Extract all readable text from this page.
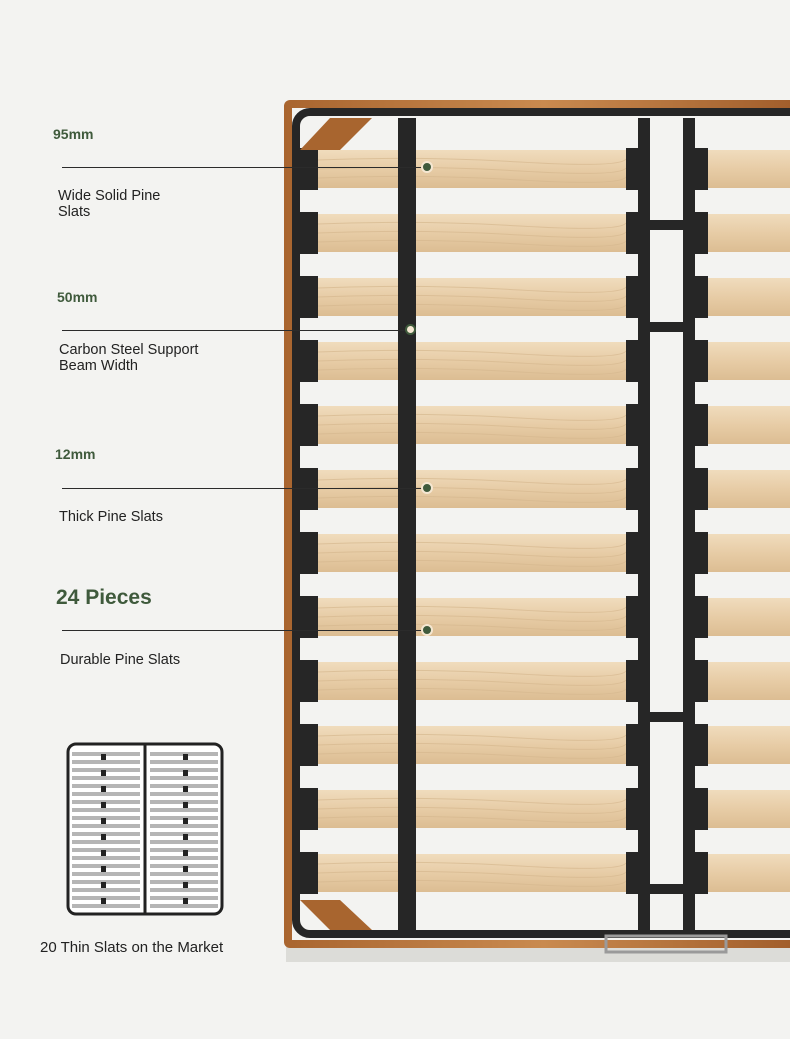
95mm
Wide Solid Pine Slats
50mm
Carbon Steel Support
Beam Width
12mm
Thick Pine Slats
24 Pieces
Durable Pine Slats
20 Thin Slats on the Market
